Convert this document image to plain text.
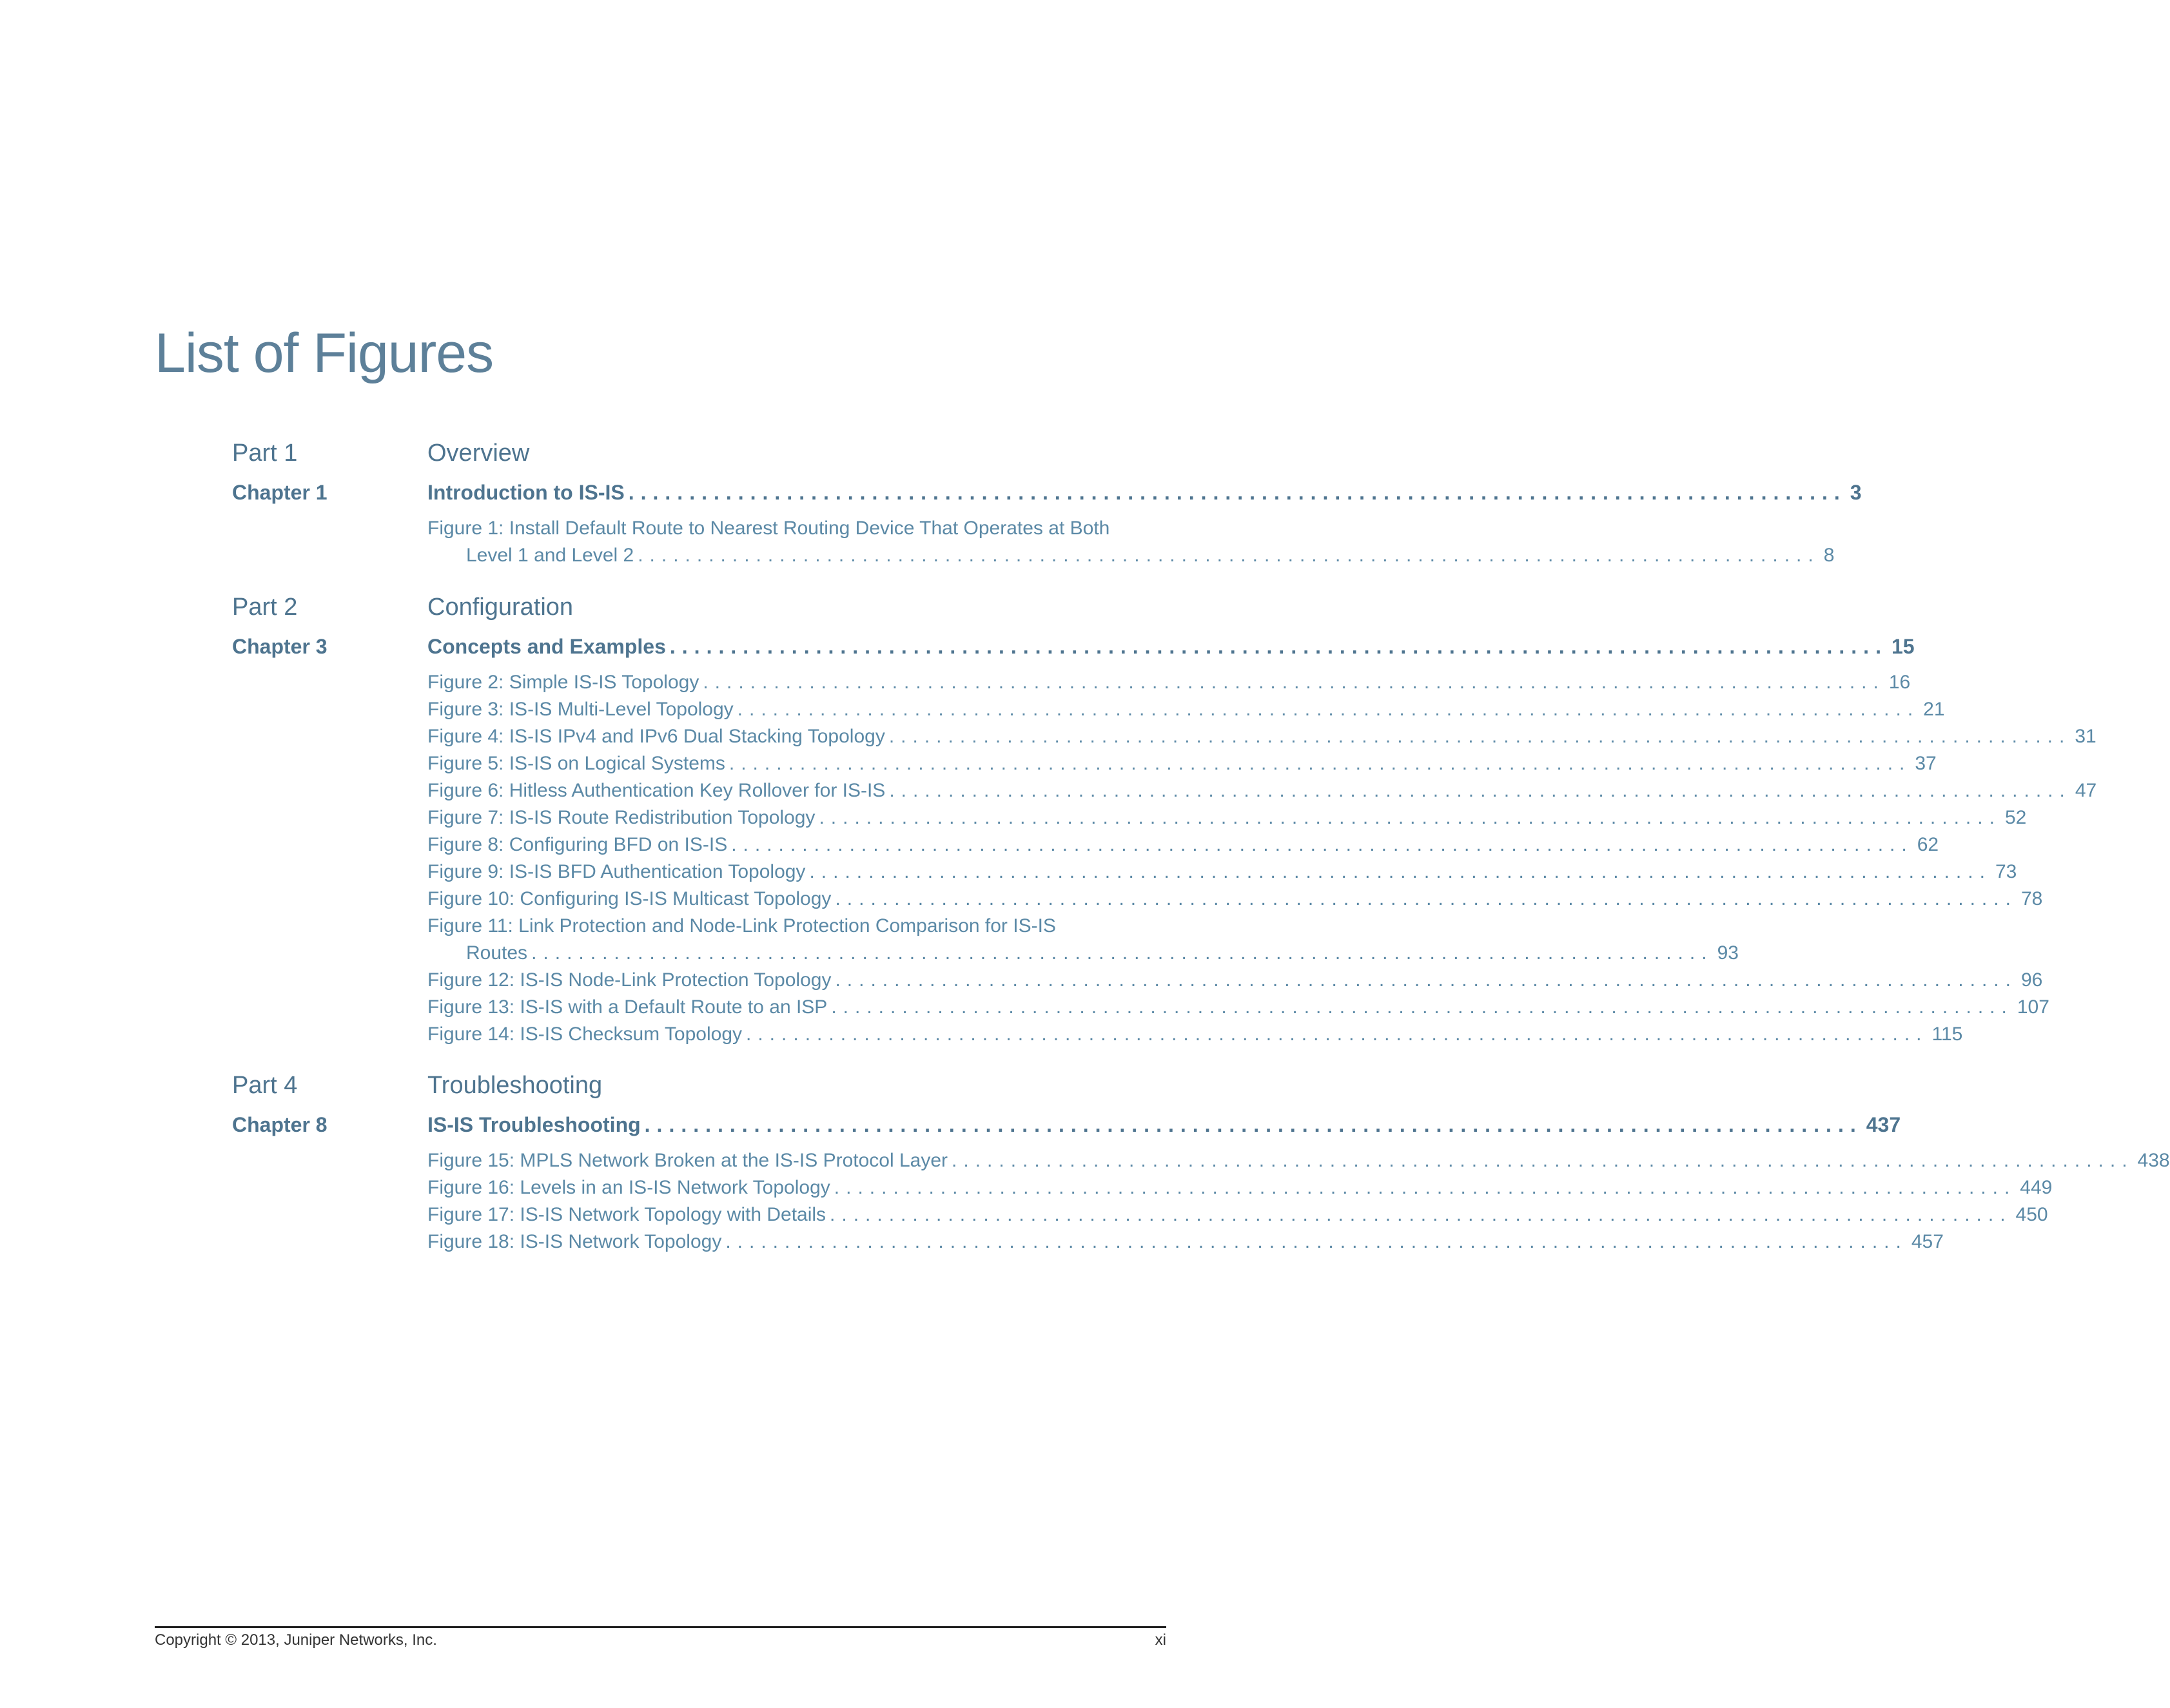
List of Figures
Part 1	Overview
Chapter 1	Introduction to IS-IS .................................................................................................... 3
Figure 1: Install Default Route to Nearest Routing Device That Operates at Both
Level 1 and Level 2 .................................................................................................... 8
Part 2	Configuration
Chapter 3	Concepts and Examples .................................................................................................... 15
Figure 2: Simple IS-IS Topology .................................................................................................... 16
Figure 3: IS-IS Multi-Level Topology .................................................................................................... 21
Figure 4: IS-IS IPv4 and IPv6 Dual Stacking Topology .................................................................................................... 31
Figure 5: IS-IS on Logical Systems .................................................................................................... 37
Figure 6: Hitless Authentication Key Rollover for IS-IS .................................................................................................... 47
Figure 7: IS-IS Route Redistribution Topology .................................................................................................... 52
Figure 8: Configuring BFD on IS-IS .................................................................................................... 62
Figure 9: IS-IS BFD Authentication Topology .................................................................................................... 73
Figure 10: Configuring IS-IS Multicast Topology .................................................................................................... 78
Figure 11: Link Protection and Node-Link Protection Comparison for IS-IS
Routes .................................................................................................... 93
Figure 12: IS-IS Node-Link Protection Topology .................................................................................................... 96
Figure 13: IS-IS with a Default Route to an ISP .................................................................................................... 107
Figure 14: IS-IS Checksum Topology .................................................................................................... 115
Part 4	Troubleshooting
Chapter 8	IS-IS Troubleshooting .................................................................................................... 437
Figure 15: MPLS Network Broken at the IS-IS Protocol Layer .................................................................................................... 438
Figure 16: Levels in an IS-IS Network Topology .................................................................................................... 449
Figure 17: IS-IS Network Topology with Details .................................................................................................... 450
Figure 18: IS-IS Network Topology .................................................................................................... 457
Copyright © 2013, Juniper Networks, Inc.	xi
